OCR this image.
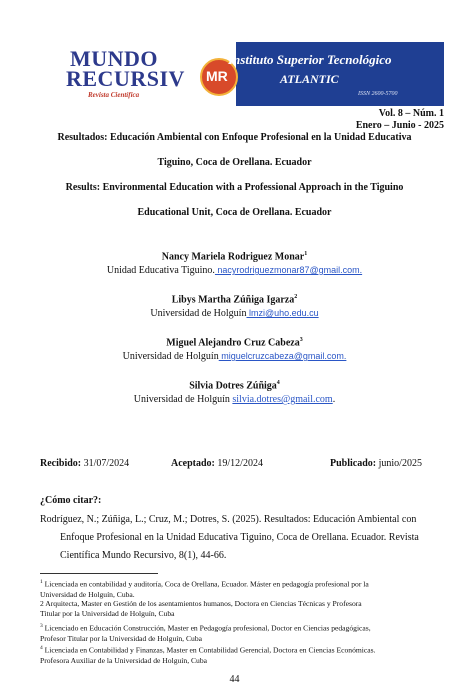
MUNDO
RECURSIV
Revista Científica
MR
Instituto Superior Tecnológico
ATLANTIC
ISSN 2600-5700
Vol. 8 – Núm. 1
Enero – Junio - 2025
Resultados: Educación Ambiental con Enfoque Profesional en la Unidad Educativa
Tiguino, Coca de Orellana. Ecuador
Results: Environmental Education with a Professional Approach in the Tiguino
Educational Unit, Coca de Orellana. Ecuador
Nancy Mariela Rodriguez Monar$^1$
Unidad Educativa Tiguino. nacyrodriguezmonar87@gmail.com.
Libys Martha Zúñiga Igarza$^2$
Universidad de Holguín lmzi@uho.edu.cu
Miguel Alejandro Cruz Cabeza$^3$
Universidad de Holguín miguelcruzcabeza@gmail.com.
Silvia Dotres Zúñiga$^4$
Universidad de Holguín silvia.dotres@gmail.com.
Recibido: 31/07/2024	Aceptado: 19/12/2024	Publicado: junio/2025
¿Cómo citar?:
Rodríguez, N.; Zúñiga, L.; Cruz, M.; Dotres, S. (2025). Resultados: Educación Ambiental con
Enfoque Profesional en la Unidad Educativa Tiguino, Coca de Orellana. Ecuador. Revista
Científica Mundo Recursivo, 8(1), 44-66.
$^1$ Licenciada en contabilidad y auditoría, Coca de Orellana, Ecuador. Máster en pedagogía profesional por la
Universidad de Holguín, Cuba.
2 Arquitecta, Master en Gestión de los asentamientos humanos, Doctora en Ciencias Técnicas y Profesora
Titular por la Universidad de Holguín, Cuba
$^3$ Licenciado en Educación Construcción, Master en Pedagogía profesional, Doctor en Ciencias pedagógicas,
Profesor Titular por la Universidad de Holguín, Cuba
$^4$ Licenciada en Contabilidad y Finanzas, Master en Contabilidad Gerencial, Doctora en Ciencias Económicas.
Profesora Auxiliar de la Universidad de Holguín, Cuba
44
